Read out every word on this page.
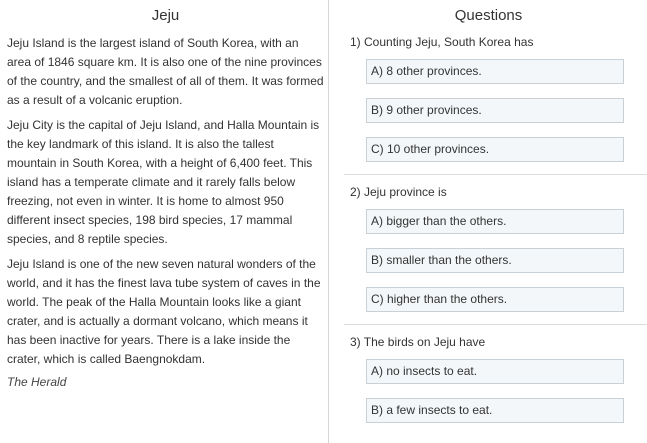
Jeju

Jeju Island is the largest island of South Korea, with an area of 1846 square km. It is also one of the nine provinces of the country, and the smallest of all of them. It was formed as a result of a volcanic eruption.

Jeju City is the capital of Jeju Island, and Halla Mountain is the key landmark of this island. It is also the tallest mountain in South Korea, with a height of 6,400 feet. This island has a temperate climate and it rarely falls below freezing, not even in winter. It is home to almost 950 different insect species, 198 bird species, 17 mammal species, and 8 reptile species.

Jeju Island is one of the new seven natural wonders of the world, and it has the finest lava tube system of caves in the world. The peak of the Halla Mountain looks like a giant crater, and is actually a dormant volcano, which means it has been inactive for years. There is a lake inside the crater, which is called Baengnokdam.

The Herald
Questions
1) Counting Jeju, South Korea has
A) 8 other provinces.
B) 9 other provinces.
C) 10 other provinces.
2) Jeju province is
A) bigger than the others.
B) smaller than the others.
C) higher than the others.
3) The birds on Jeju have
A) no insects to eat.
B) a few insects to eat.
